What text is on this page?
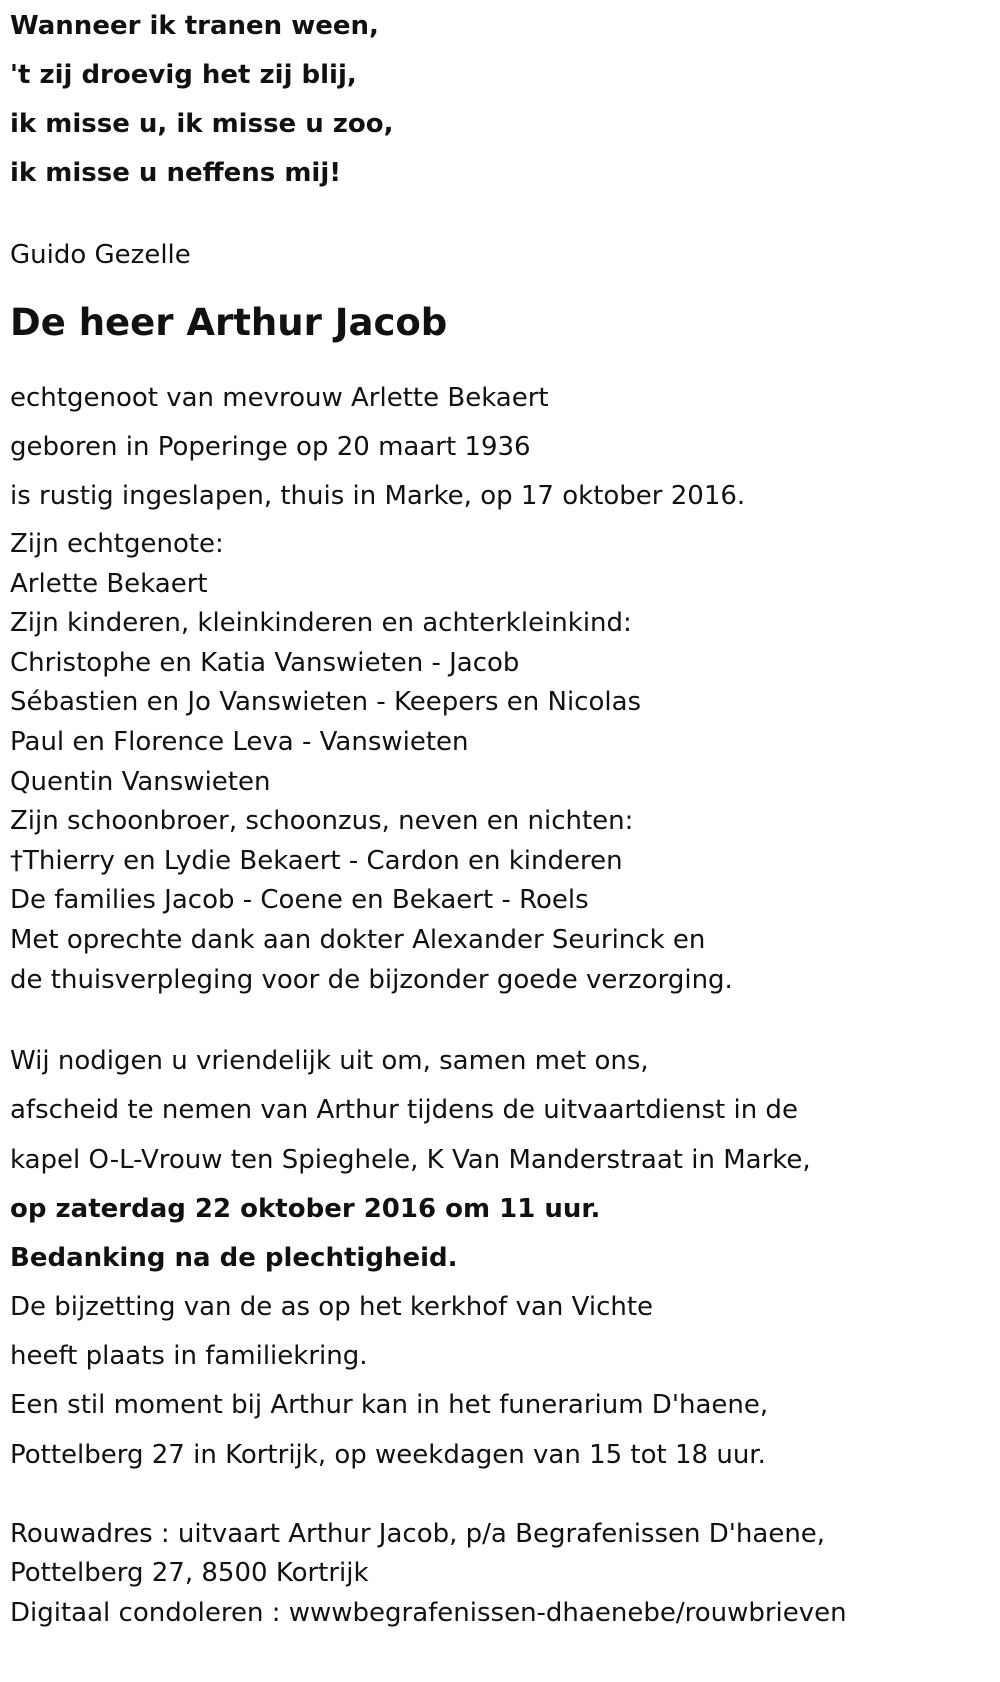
Wanneer ik tranen ween,

't zij droevig het zij blij,

ik misse u, ik misse u zoo,

ik misse u neffens mij!

Guido Gezelle

De heer Arthur Jacob

echtgenoot van mevrouw Arlette Bekaert

geboren in Poperinge op 20 maart 1936

is rustig ingeslapen, thuis in Marke, op 17 oktober 2016.

Zijn echtgenote:

Arlette Bekaert

Zijn kinderen, kleinkinderen en achterkleinkind:

Christophe en Katia Vanswieten - Jacob

Sébastien en Jo Vanswieten - Keepers en Nicolas

Paul en Florence Leva - Vanswieten

Quentin Vanswieten

Zijn schoonbroer, schoonzus, neven en nichten:

†Thierry en Lydie Bekaert - Cardon en kinderen

De families Jacob - Coene en Bekaert - Roels

Met oprechte dank aan dokter Alexander Seurinck en

de thuisverpleging voor de bijzonder goede verzorging.

Wij nodigen u vriendelijk uit om, samen met ons,

afscheid te nemen van Arthur tijdens de uitvaartdienst in de

kapel O-L-Vrouw ten Spieghele, K Van Manderstraat in Marke,

op zaterdag 22 oktober 2016 om 11 uur.

Bedanking na de plechtigheid.

De bijzetting van de as op het kerkhof van Vichte

heeft plaats in familiekring.

Een stil moment bij Arthur kan in het funerarium D'haene,

Pottelberg 27 in Kortrijk, op weekdagen van 15 tot 18 uur.

Rouwadres : uitvaart Arthur Jacob, p/a Begrafenissen D'haene,

Pottelberg 27, 8500 Kortrijk

Digitaal condoleren : wwwbegrafenissen-dhaenebe/rouwbrieven
